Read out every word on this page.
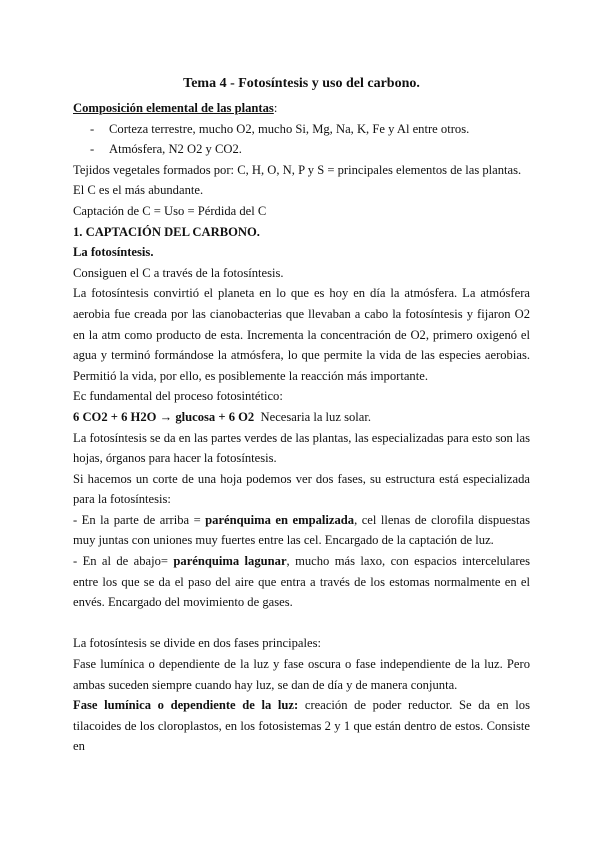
Tema 4 - Fotosíntesis y uso del carbono.

Composición elemental de las plantas:

- Corteza terrestre, mucho O2, mucho Si, Mg, Na, K, Fe y Al entre otros.
- Atmósfera, N2 O2 y CO2.

Tejidos vegetales formados por: C, H, O, N, P y S = principales elementos de las plantas. El C es el más abundante.

Captación de C = Uso = Pérdida del C

1. CAPTACIÓN DEL CARBONO.

La fotosíntesis.

Consiguen el C a través de la fotosíntesis.

La fotosíntesis convirtió el planeta en lo que es hoy en día la atmósfera. La atmósfera aerobia fue creada por las cianobacterias que llevaban a cabo la fotosíntesis y fijaron O2 en la atm como producto de esta. Incrementa la concentración de O2, primero oxigenó el agua y terminó formándose la atmósfera, lo que permite la vida de las especies aerobias. Permitió la vida, por ello, es posiblemente la reacción más importante.

Ec fundamental del proceso fotosintético:

6 CO2 + 6 H2O → glucosa + 6 O2  Necesaria la luz solar.

La fotosíntesis se da en las partes verdes de las plantas, las especializadas para esto son las hojas, órganos para hacer la fotosíntesis.

Si hacemos un corte de una hoja podemos ver dos fases, su estructura está especializada para la fotosíntesis:

- En la parte de arriba = parénquima en empalizada, cel llenas de clorofila dispuestas muy juntas con uniones muy fuertes entre las cel. Encargado de la captación de luz.

- En al de abajo= parénquima lagunar, mucho más laxo, con espacios intercelulares entre los que se da el paso del aire que entra a través de los estomas normalmente en el envés. Encargado del movimiento de gases.

La fotosíntesis se divide en dos fases principales:

Fase lumínica o dependiente de la luz y fase oscura o fase independiente de la luz. Pero ambas suceden siempre cuando hay luz, se dan de día y de manera conjunta.

Fase lumínica o dependiente de la luz: creación de poder reductor. Se da en los tilacoides de los cloroplastos, en los fotosistemas 2 y 1 que están dentro de estos. Consiste en
